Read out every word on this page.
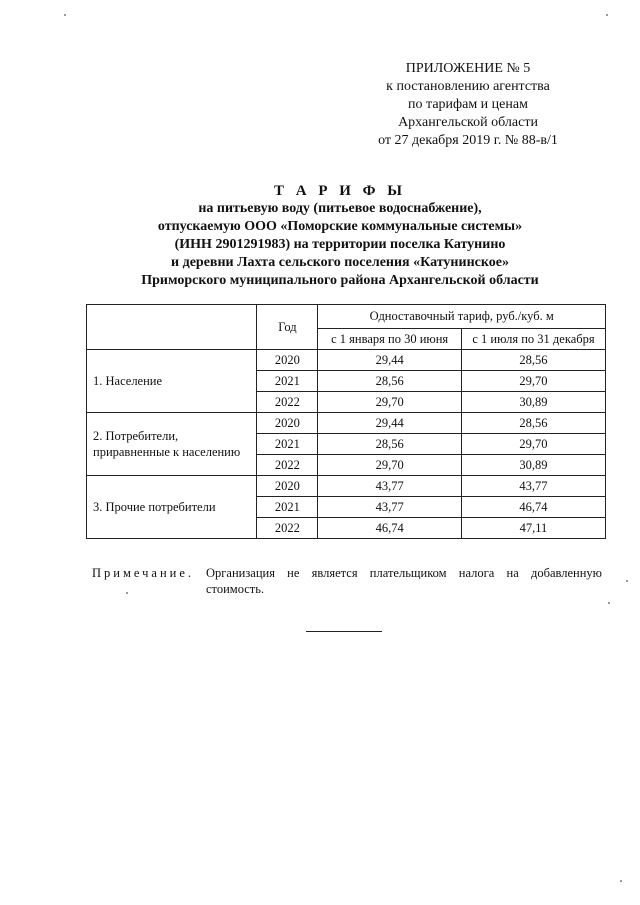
ПРИЛОЖЕНИЕ № 5
к постановлению агентства
по тарифам и ценам
Архангельской области
от 27 декабря 2019 г. № 88-в/1
Т А Р И Ф Ы
на питьевую воду (питьевое водоснабжение),
отпускаемую ООО «Поморские коммунальные системы»
(ИНН 2901291983) на территории поселка Катунино
и деревни Лахта сельского поселения «Катунинское»
Приморского муниципального района Архангельской области
	Год	Одноставочный тариф, руб./куб. м	
		с 1 января по 30 июня	с 1 июля по 31 декабря
1. Население	2020	29,44	28,56
	2021	28,56	29,70
	2022	29,70	30,89
2. Потребители, приравненные к населению	2020	29,44	28,56
	2021	28,56	29,70
	2022	29,70	30,89
3. Прочие потребители	2020	43,77	43,77
	2021	43,77	46,74
	2022	46,74	47,11
Примечание. Организация не является плательщиком налога на добавленную стоимость.
